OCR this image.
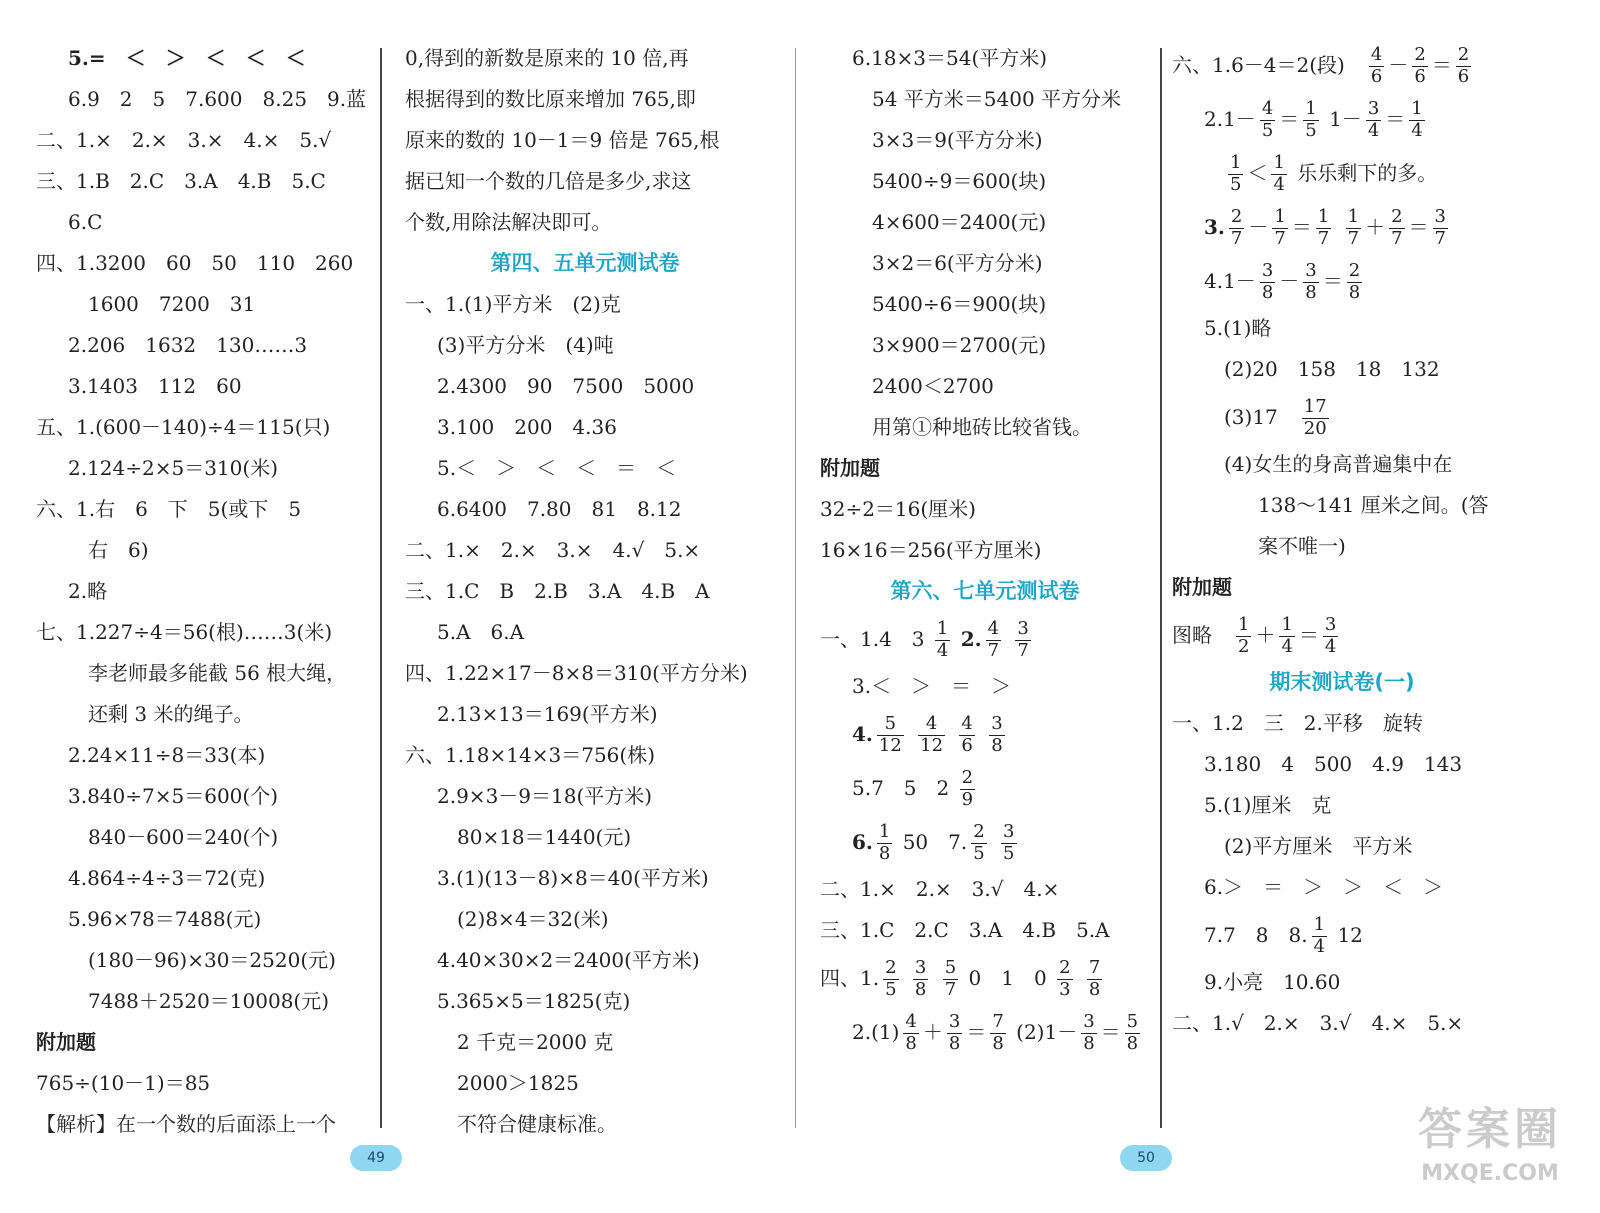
5.=　＜　＞　＜　＜　＜
6.9　2　5　7.600　8.25　9.蓝
二、1.×　2.×　3.×　4.×　5.√
三、1.B　2.C　3.A　4.B　5.C
6.C
四、1.3200　60　50　110　260
1600　7200　31
2.206　1632　130……3
3.1403　112　60
五、1.(600－140)÷4＝115(只)
2.124÷2×5＝310(米)
六、1.右　6　下　5(或下　5
右　6)
2.略
七、1.227÷4＝56(根)……3(米)
李老师最多能截 56 根大绳，
还剩 3 米的绳子。
2.24×11÷8＝33(本)
3.840÷7×5＝600(个)
840－600＝240(个)
4.864÷4÷3＝72(克)
5.96×78＝7488(元)
(180－96)×30＝2520(元)
7488＋2520＝10008(元)
附加题
765÷(10－1)＝85
【解析】在一个数的后面添上一个
0,得到的新数是原来的 10 倍,再
根据得到的数比原来增加 765,即
原来的数的 10－1＝9 倍是 765,根
据已知一个数的几倍是多少,求这
个数,用除法解决即可。
第四、五单元测试卷
一、1.(1)平方米　(2)克
(3)平方分米　(4)吨
2.4300　90　7500　5000
3.100　200　4.36
5.＜　＞　＜　＜　＝　＜
6.6400　7.80　81　8.12
二、1.×　2.×　3.×　4.√　5.×
三、1.C　B　2.B　3.A　4.B　A
5.A　6.A
四、1.22×17－8×8＝310(平方分米)
2.13×13＝169(平方米)
六、1.18×14×3＝756(株)
2.9×3－9＝18(平方米)
80×18＝1440(元)
3.(1)(13－8)×8＝40(平方米)
(2)8×4＝32(米)
4.40×30×2＝2400(平方米)
5.365×5＝1825(克)
2 千克＝2000 克
2000＞1825
不符合健康标准。
6.18×3＝54(平方米)
54 平方米＝5400 平方分米
3×3＝9(平方分米)
5400÷9＝600(块)
4×600＝2400(元)
3×2＝6(平方分米)
5400÷6＝900(块)
3×900＝2700(元)
2400＜2700
用第①种地砖比较省钱。
附加题
32÷2＝16(厘米)
16×16＝256(平方厘米)
第六、七单元测试卷
一、1.4　$3 \frac{1}{4} 2$. $\frac{4}{7}$
$\frac{3}{7}$
3.＜　＞　＝　＞
4. $\frac{5}{12}$
$\frac{4}{12}$
$\frac{4}{6}$
$\frac{3}{8}$
5.7　5　$2 \frac{2}{9}$
6. $\frac{1}{8} 50$　7. $\frac{2}{5}$
$\frac{3}{5}$
二、1.×　2.×　3.√　4.×
三、1.C　2.C　3.A　4.B　5.A
四、1. $\frac{2}{5}$
$\frac{3}{8}$
$\frac{5}{7} 0$　1　$0 \frac{2}{3}$
$\frac{7}{8}$
$2.(1) \frac{4}{8} + \frac{3}{8} = \frac{7}{8} (2)1- \frac{3}{8} = \frac{5}{8}$
六、1.6－4＝2(段)　 $\frac{4}{6} - \frac{2}{6} = \frac{2}{6}$
$2.1- \frac{4}{5} = \frac{1}{5} 1- \frac{3}{4} = \frac{1}{4}$
$\frac{1}{5} < \frac{1}{4}$ 乐乐剩下的多。
3. $\frac{2}{7} - \frac{1}{7} = \frac{1}{7}$
$\frac{1}{7} + \frac{2}{7} = \frac{3}{7}$
$4.1- \frac{3}{8} - \frac{3}{8} = \frac{2}{8}$
5.(1)略
(2)20　158　18　132
(3)17　 $\frac{17}{20}$
(4)女生的身高普遍集中在
138～141 厘米之间。(答
案不唯一)
附加题
图略　 $\frac{1}{2} + \frac{1}{4} = \frac{3}{4}$
期末测试卷(一)
一、1.2　三　2.平移　旋转
3.180　4　500　4.9　143
5.(1)厘米　克
(2)平方厘米　平方米
6.＞　＝　＞　＞　＜　＞
7.7　8　8. $\frac{1}{4} 12$
9.小亮　10.60
二、1.√　2.×　3.√　4.×　5.×
49	50
答案圈
MXQE.COM
